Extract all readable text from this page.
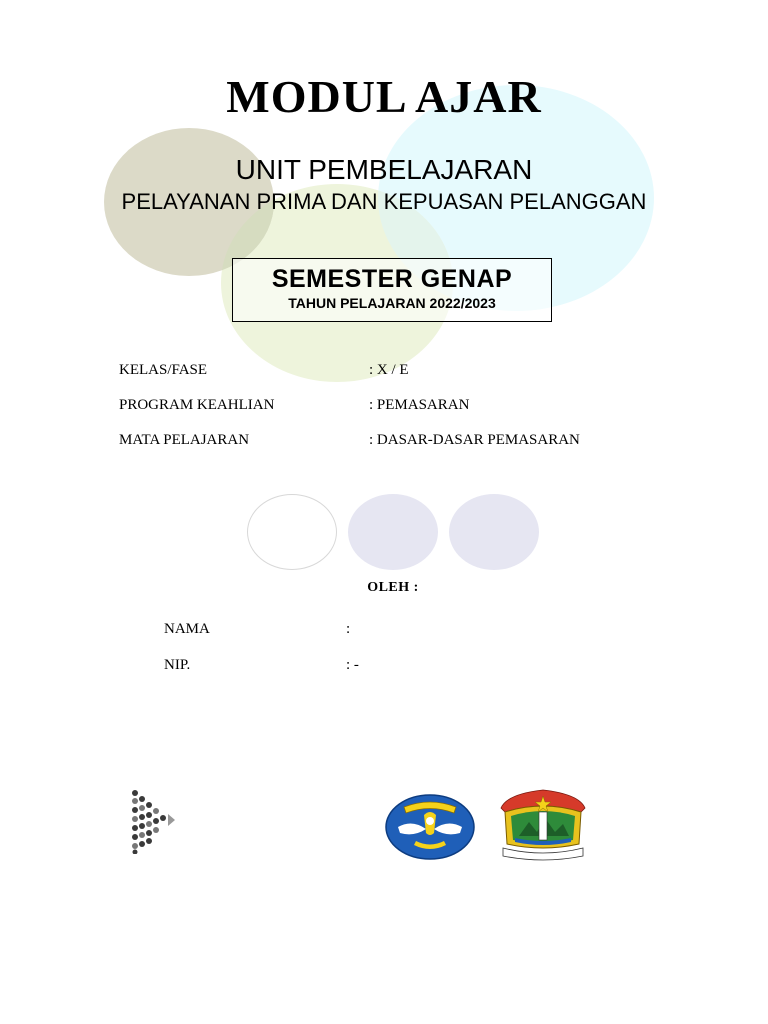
MODUL AJAR
UNIT PEMBELAJARAN
PELAYANAN PRIMA DAN KEPUASAN PELANGGAN
SEMESTER GENAP
TAHUN PELAJARAN 2022/2023
KELAS/FASE	: X / E
PROGRAM KEAHLIAN	: PEMASARAN
MATA PELAJARAN	: DASAR-DASAR PEMASARAN
OLEH :
NAMA	:
NIP.	: -
